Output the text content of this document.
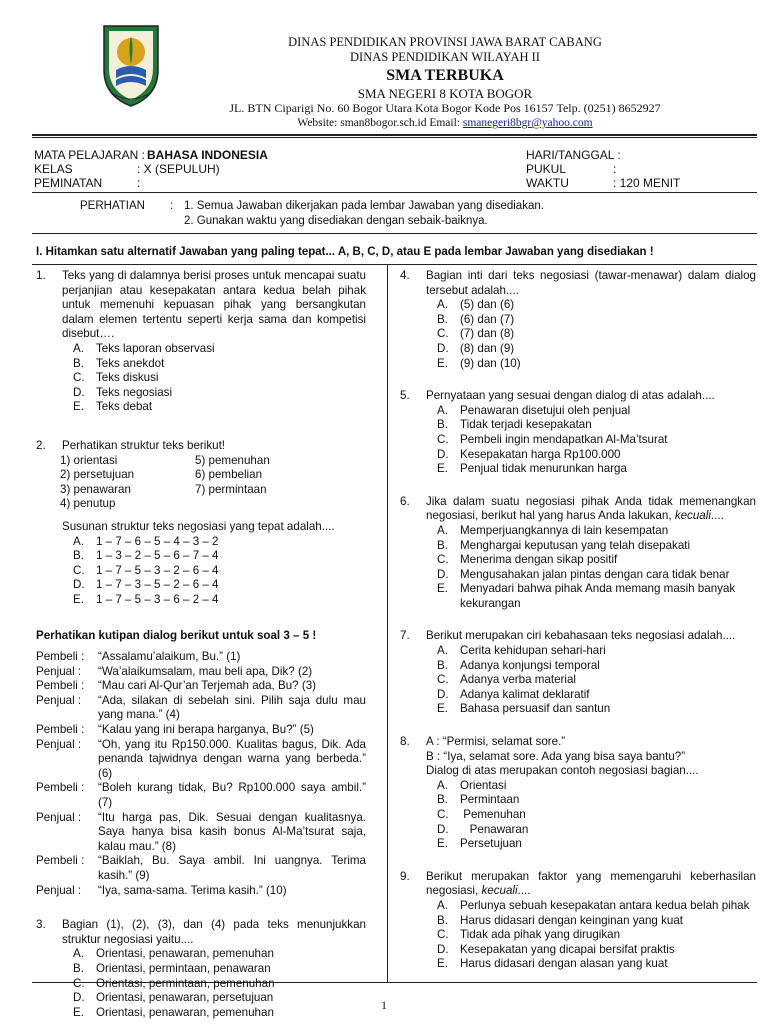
DINAS PENDIDIKAN PROVINSI JAWA BARAT CABANG
DINAS PENDIDIKAN WILAYAH II
SMA TERBUKA
SMA NEGERI 8 KOTA BOGOR
JL. BTN Ciparigi No. 60 Bogor Utara Kota Bogor Kode Pos 16157 Telp. (0251) 8652927
Website: sman8bogor.sch.id Email: smanegeri8bgr@yahoo.com
MATA PELAJARAN : BAHASA INDONESIA
KELAS	: X (SEPULUH)
PEMINATAN	:
HARI/TANGGAL :
PUKUL	:
WAKTU	: 120 MENIT
PERHATIAN : 1. Semua Jawaban dikerjakan pada lembar Jawaban yang disediakan.
2. Gunakan waktu yang disediakan dengan sebaik-baiknya.
I. Hitamkan satu alternatif Jawaban yang paling tepat... A, B, C, D, atau E pada lembar Jawaban yang disediakan !
1. Teks yang di dalamnya berisi proses untuk mencapai suatu perjanjian atau kesepakatan antara kedua belah pihak untuk memenuhi kepuasan pihak yang bersangkutan dalam elemen tertentu seperti kerja sama dan kompetisi disebut….
A. Teks laporan observasi
B. Teks anekdot
C. Teks diskusi
D. Teks negosiasi
E. Teks debat
2. Perhatikan struktur teks berikut!
1) orientasi	5) pemenuhan
2) persetujuan	6) pembelian
3) penawaran	7) permintaan
4) penutup
Susunan struktur teks negosiasi yang tepat adalah....
A. 1 – 7 – 6 – 5 – 4 – 3 – 2
B. 1 – 3 – 2 – 5 – 6 – 7 – 4
C. 1 – 7 – 5 – 3 – 2 – 6 – 4
D. 1 – 7 – 3 – 5 – 2 – 6 – 4
E. 1 – 7 – 5 – 3 – 6 – 2 – 4
Perhatikan kutipan dialog berikut untuk soal 3 – 5 !
Pembeli : “Assalamu’alaikum, Bu.” (1)
Penjual : “Wa’alaikumsalam, mau beli apa, Dik? (2)
Pembeli : “Mau cari Al-Qur’an Terjemah ada, Bu? (3)
Penjual : “Ada, silakan di sebelah sini. Pilih saja dulu mau yang mana.” (4)
Pembeli : “Kalau yang ini berapa harganya, Bu?” (5)
Penjual : “Oh, yang itu Rp150.000. Kualitas bagus, Dik. Ada penanda tajwidnya dengan warna yang berbeda.” (6)
Pembeli : “Boleh kurang tidak, Bu? Rp100.000 saya ambil.” (7)
Penjual : “Itu harga pas, Dik. Sesuai dengan kualitasnya. Saya hanya bisa kasih bonus Al-Ma’tsurat saja, kalau mau.” (8)
Pembeli : “Baiklah, Bu. Saya ambil. Ini uangnya. Terima kasih.” (9)
Penjual : “Iya, sama-sama. Terima kasih.” (10)
3. Bagian (1), (2), (3), dan (4) pada teks menunjukkan struktur negosiasi yaitu....
A. Orientasi, penawaran, pemenuhan
B. Orientasi, permintaan, penawaran
C. Orientasi, permintaan, pemenuhan
D. Orientasi, penawaran, persetujuan
E. Orientasi, penawaran, pemenuhan
4. Bagian inti dari teks negosiasi (tawar-menawar) dalam dialog tersebut adalah....
A. (5) dan (6)
B. (6) dan (7)
C. (7) dan (8)
D. (8) dan (9)
E. (9) dan (10)
5. Pernyataan yang sesuai dengan dialog di atas adalah....
A. Penawaran disetujui oleh penjual
B. Tidak terjadi kesepakatan
C. Pembeli ingin mendapatkan Al-Ma’tsurat
D. Kesepakatan harga Rp100.000
E. Penjual tidak menurunkan harga
6. Jika dalam suatu negosiasi pihak Anda tidak memenangkan negosiasi, berikut hal yang harus Anda lakukan, kecuali....
A. Memperjuangkannya di lain kesempatan
B. Menghargai keputusan yang telah disepakati
C. Menerima dengan sikap positif
D. Mengusahakan jalan pintas dengan cara tidak benar
E. Menyadari bahwa pihak Anda memang masih banyak kekurangan
7. Berikut merupakan ciri kebahasaan teks negosiasi adalah....
A. Cerita kehidupan sehari-hari
B. Adanya konjungsi temporal
C. Adanya verba material
D. Adanya kalimat deklaratif
E. Bahasa persuasif dan santun
8. A : “Permisi, selamat sore.”
B : “Iya, selamat sore. Ada yang bisa saya bantu?”
Dialog di atas merupakan contoh negosiasi bagian....
A. Orientasi
B. Permintaan
C. Pemenuhan
D. Penawaran
E. Persetujuan
9. Berikut merupakan faktor yang memengaruhi keberhasilan negosiasi, kecuali....
A. Perlunya sebuah kesepakatan antara kedua belah pihak
B. Harus didasari dengan keinginan yang kuat
C. Tidak ada pihak yang dirugikan
D. Kesepakatan yang dicapai bersifat praktis
E. Harus didasari dengan alasan yang kuat
1
